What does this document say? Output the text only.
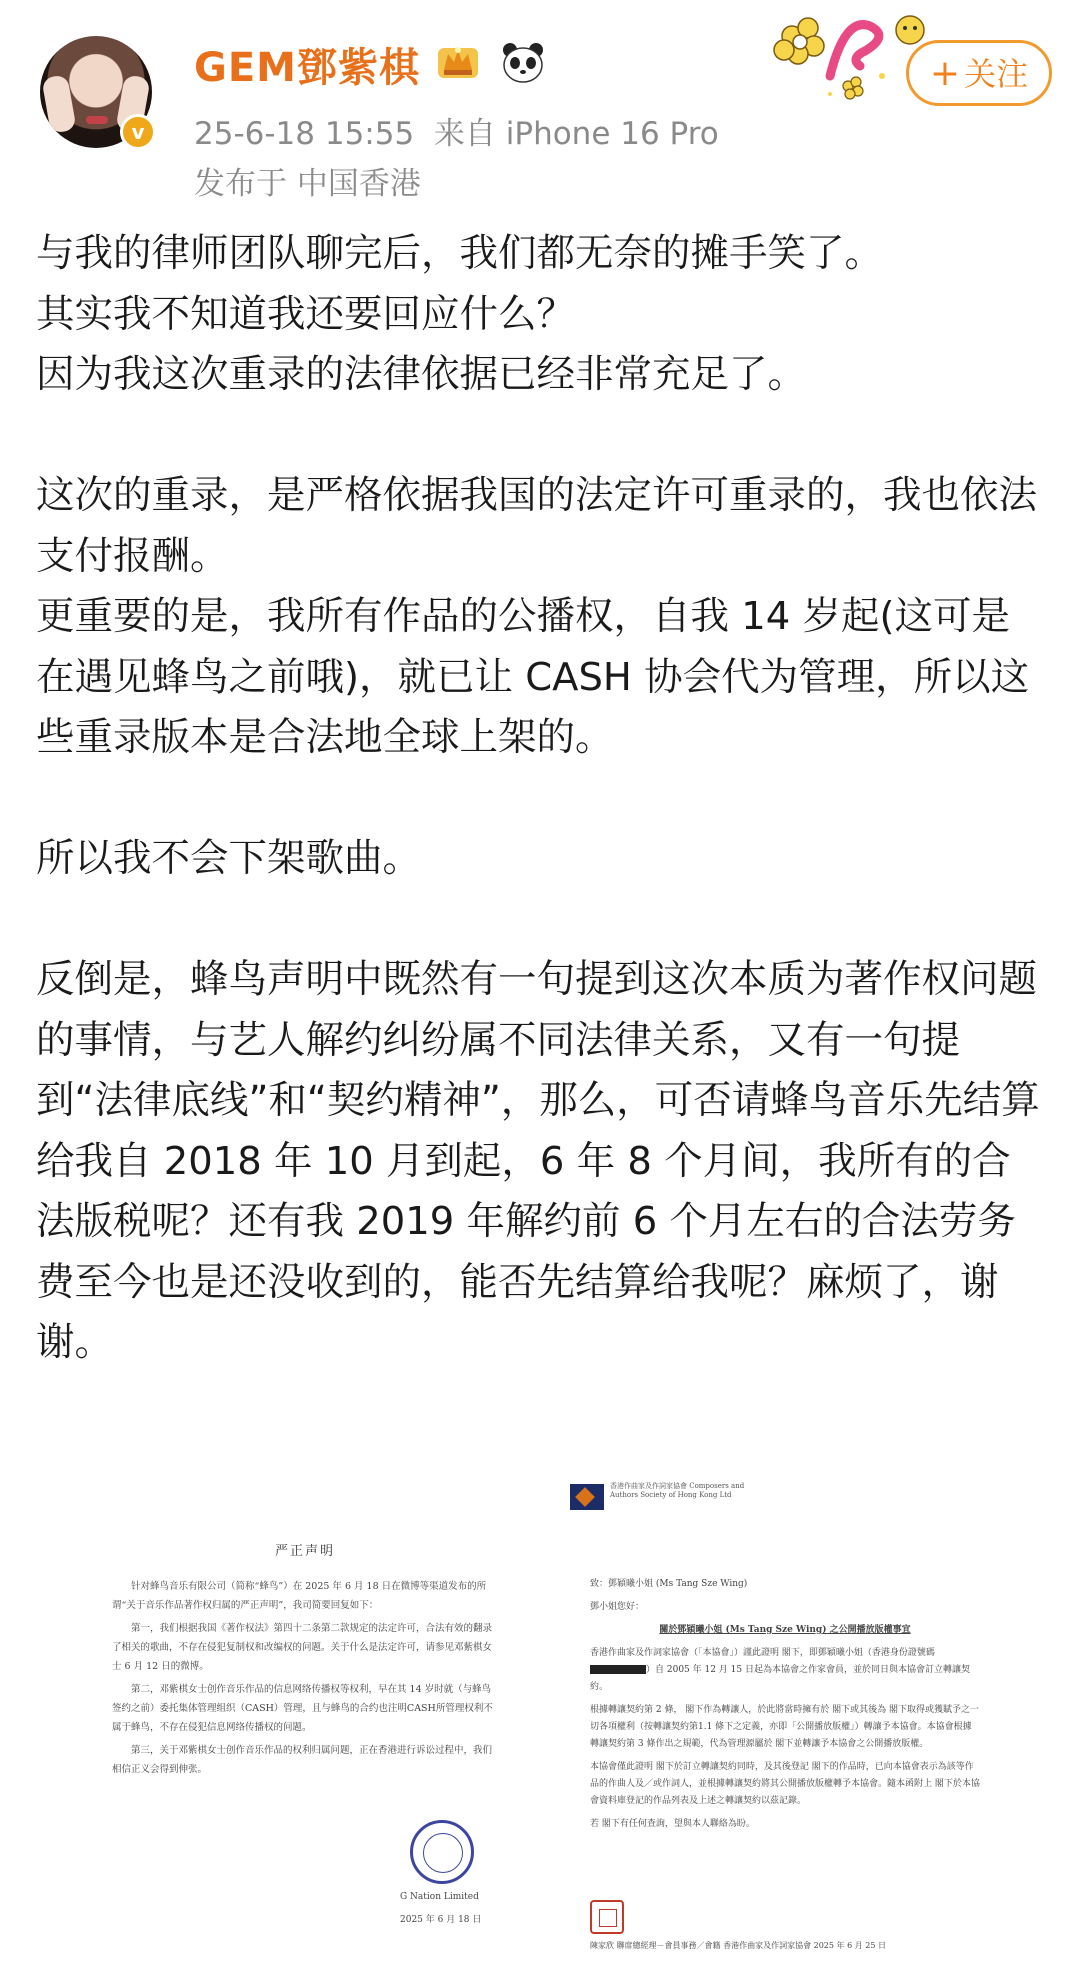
v
GEM鄧紫棋
25-6-18 15:55 来自 iPhone 16 Pro
发布于 中国香港
+ 关注

与我的律师团队聊完后，我们都无奈的摊手笑了。

其实我不知道我还要回应什么？

因为我这次重录的法律依据已经非常充足了。

这次的重录，是严格依据我国的法定许可重录的，我也依法支付报酬。

更重要的是，我所有作品的公播权，自我 14 岁起(这可是在遇见蜂鸟之前哦)，就已让 CASH 协会代为管理，所以这些重录版本是合法地全球上架的。

所以我不会下架歌曲。

反倒是，蜂鸟声明中既然有一句提到这次本质为著作权问题的事情，与艺人解约纠纷属不同法律关系，又有一句提到“法律底线”和“契约精神”，那么，可否请蜂鸟音乐先结算给我自 2018 年 10 月到起，6 年 8 个月间，我所有的合法版税呢？还有我 2019 年解约前 6 个月左右的合法劳务费至今也是还没收到的，能否先结算给我呢？麻烦了，谢谢。

严正声明

针对蜂鸟音乐有限公司（简称“蜂鸟”）在 2025 年 6 月 18 日在微博等渠道发布的所谓“关于音乐作品著作权归属的严正声明”，我司简要回复如下：

第一，我们根据我国《著作权法》第四十二条第二款规定的法定许可，合法有效的翻录了相关的歌曲，不存在侵犯复制权和改编权的问题。关于什么是法定许可，请参见邓紫棋女士 6 月 12 日的微博。

第二，邓紫棋女士创作音乐作品的信息网络传播权等权利，早在其 14 岁时就（与蜂鸟签约之前）委托集体管理组织（CASH）管理，且与蜂鸟的合约也注明CASH所管理权利不属于蜂鸟，不存在侵犯信息网络传播权的问题。

第三，关于邓紫棋女士创作音乐作品的权利归属问题，正在香港进行诉讼过程中，我们相信正义会得到伸张。

G Nation Limited
2025 年 6 月 18 日
香港作曲家及作詞家協會 Composers and Authors Society of Hong Kong Ltd

致：鄧穎曦小姐 (Ms Tang Sze Wing)

鄧小姐您好：

關於鄧穎曦小姐 (Ms Tang Sze Wing) 之公開播放版權事宜

香港作曲家及作詞家協會（「本協會」）謹此證明 閣下，即鄧穎曦小姐（香港身份證號碼）自 2005 年 12 月 15 日起為本協會之作家會員，並於同日與本協會訂立轉讓契約。

根據轉讓契約第 2 條， 閣下作為轉讓人，於此將當時擁有於 閣下或其後為 閣下取得或獲賦予之一切各項權利（按轉讓契約第1.1 條下之定義，亦即「公開播放版權」）轉讓予本協會。本協會根據轉讓契約第 3 條作出之規範，代為管理源屬於 閣下並轉讓予本協會之公開播放版權。

本協會僅此證明 閣下於訂立轉讓契約同時，及其後登記 閣下的作品時，已向本協會表示為該等作品的作曲人及／或作詞人，並根據轉讓契約將其公開播放版權轉予本協會。隨本函附上 閣下於本協會資料庫登記的作品列表及上述之轉讓契約以茲記錄。

若 閣下有任何查詢，望與本人聯絡為盼。

陳家欣 聯席總經理－會員事務／會籍 香港作曲家及作詞家協會 2025 年 6 月 25 日
